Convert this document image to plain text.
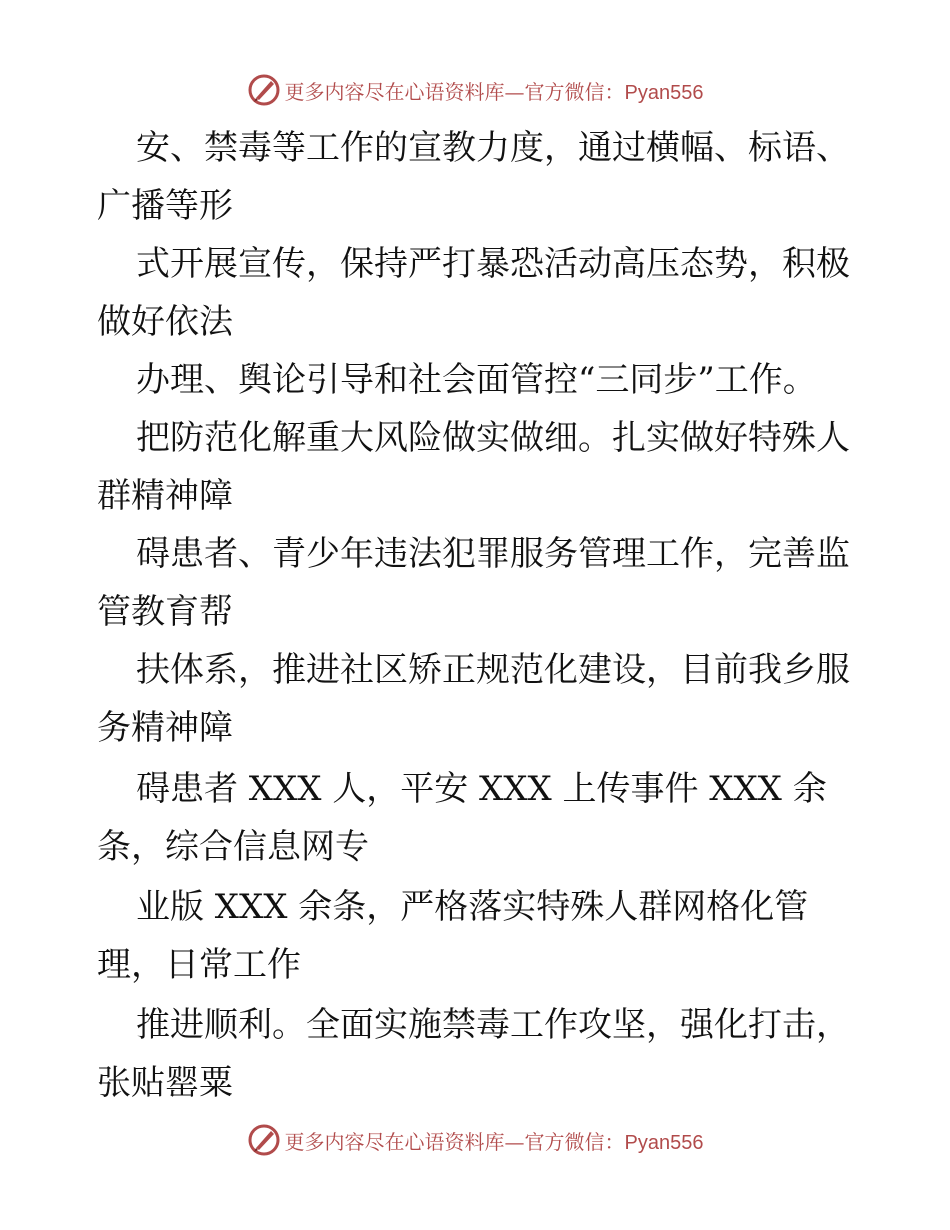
更多内容尽在心语资料库—官方微信：Pyan556
安、禁毒等工作的宣教力度，通过横幅、标语、
广播等形
式开展宣传，保持严打暴恐活动高压态势，积极
做好依法
办理、舆论引导和社会面管控“三同步”工作。
把防范化解重大风险做实做细。扎实做好特殊人
群精神障
碍患者、青少年违法犯罪服务管理工作，完善监
管教育帮
扶体系，推进社区矫正规范化建设，目前我乡服
务精神障
碍患者 XXX 人，平安 XXX 上传事件 XXX 余
条，综合信息网专
业版 XXX 余条，严格落实特殊人群网格化管
理，日常工作
推进顺利。全面实施禁毒工作攻坚，强化打击，
张贴罂粟
更多内容尽在心语资料库—官方微信：Pyan556
